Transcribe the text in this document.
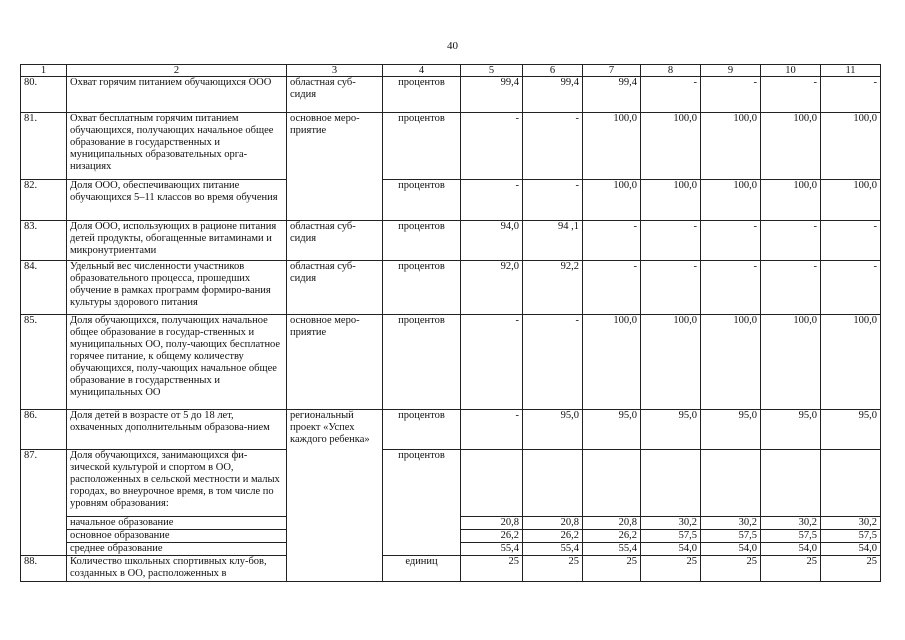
40
1	2	3	4	5	6	7	8	9	10	11
80.	Охват горячим питанием обучающихся ООО	областная суб-сидия	процентов	99,4	99,4	99,4	-	-	-	-
81.	Охват бесплатным горячим питанием обучающихся, получающих начальное общее образование в государственных и муниципальных образовательных орга-низациях	основное меро-приятие	процентов	-	-	100,0	100,0	100,0	100,0	100,0
82.	Доля ООО, обеспечивающих питание обучающихся 5–11 классов во время обучения		процентов	-	-	100,0	100,0	100,0	100,0	100,0
83.	Доля ООО, использующих в рационе питания детей продукты, обогащенные витаминами и микронутриентами	областная суб-сидия	процентов	94,0	94 ,1	-	-	-	-	-
84.	Удельный вес численности участников образовательного процесса, прошедших обучение в рамках программ формиро-вания культуры здорового питания	областная суб-сидия	процентов	92,0	92,2	-	-	-	-	-
85.	Доля обучающихся, получающих начальное общее образование в государ-ственных и муниципальных ОО, полу-чающих бесплатное горячее питание, к общему количеству обучающихся, полу-чающих начальное общее образование в государственных и муниципальных ОО	основное меро-приятие	процентов	-	-	100,0	100,0	100,0	100,0	100,0
86.	Доля детей в возрасте от 5 до 18 лет, охваченных дополнительным образова-нием	региональный проект «Успех каждого ребенка»	процентов	-	95,0	95,0	95,0	95,0	95,0	95,0
87.	Доля обучающихся, занимающихся фи-зической культурой и спортом в ОО, расположенных в сельской местности и малых городах, во внеурочное время, в том числе по уровням образования:		процентов							
	начальное образование			20,8	20,8	20,8	30,2	30,2	30,2	30,2
	основное образование			26,2	26,2	26,2	57,5	57,5	57,5	57,5
	среднее образование			55,4	55,4	55,4	54,0	54,0	54,0	54,0
88.	Количество школьных спортивных клу-бов, созданных в ОО, расположенных в		единиц	25	25	25	25	25	25	25
